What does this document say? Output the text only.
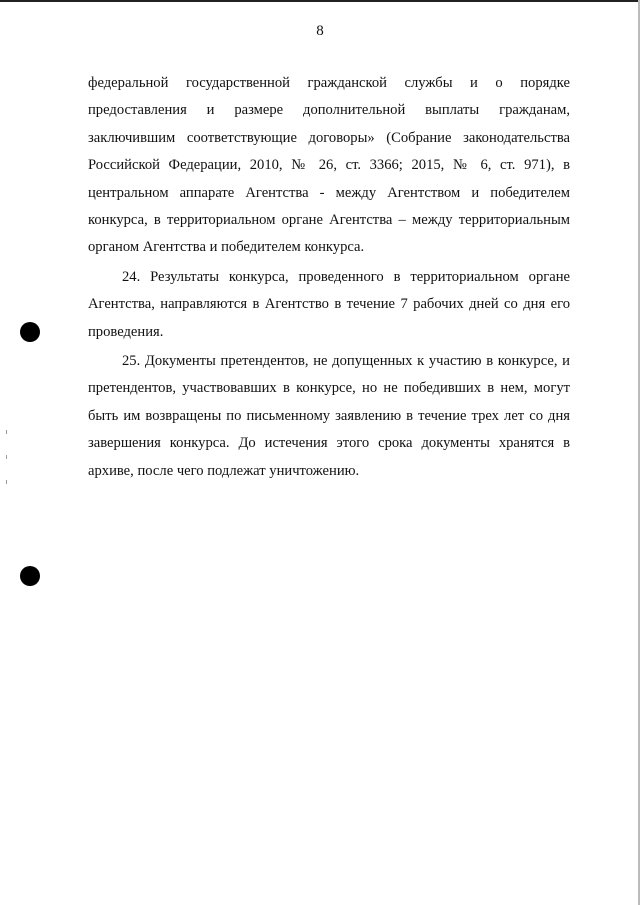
8

федеральной государственной гражданской службы и о порядке предоставления и размере дополнительной выплаты гражданам, заключившим соответствующие договоры» (Собрание законодательства Российской Федерации, 2010, № 26, ст. 3366; 2015, № 6, ст. 971), в центральном аппарате Агентства - между Агентством и победителем конкурса, в территориальном органе Агентства – между территориальным органом Агентства и победителем конкурса.

24. Результаты конкурса, проведенного в территориальном органе Агентства, направляются в Агентство в течение 7 рабочих дней со дня его проведения.

25. Документы претендентов, не допущенных к участию в конкурсе, и претендентов, участвовавших в конкурсе, но не победивших в нем, могут быть им возвращены по письменному заявлению в течение трех лет со дня завершения конкурса. До истечения этого срока документы хранятся в архиве, после чего подлежат уничтожению.
